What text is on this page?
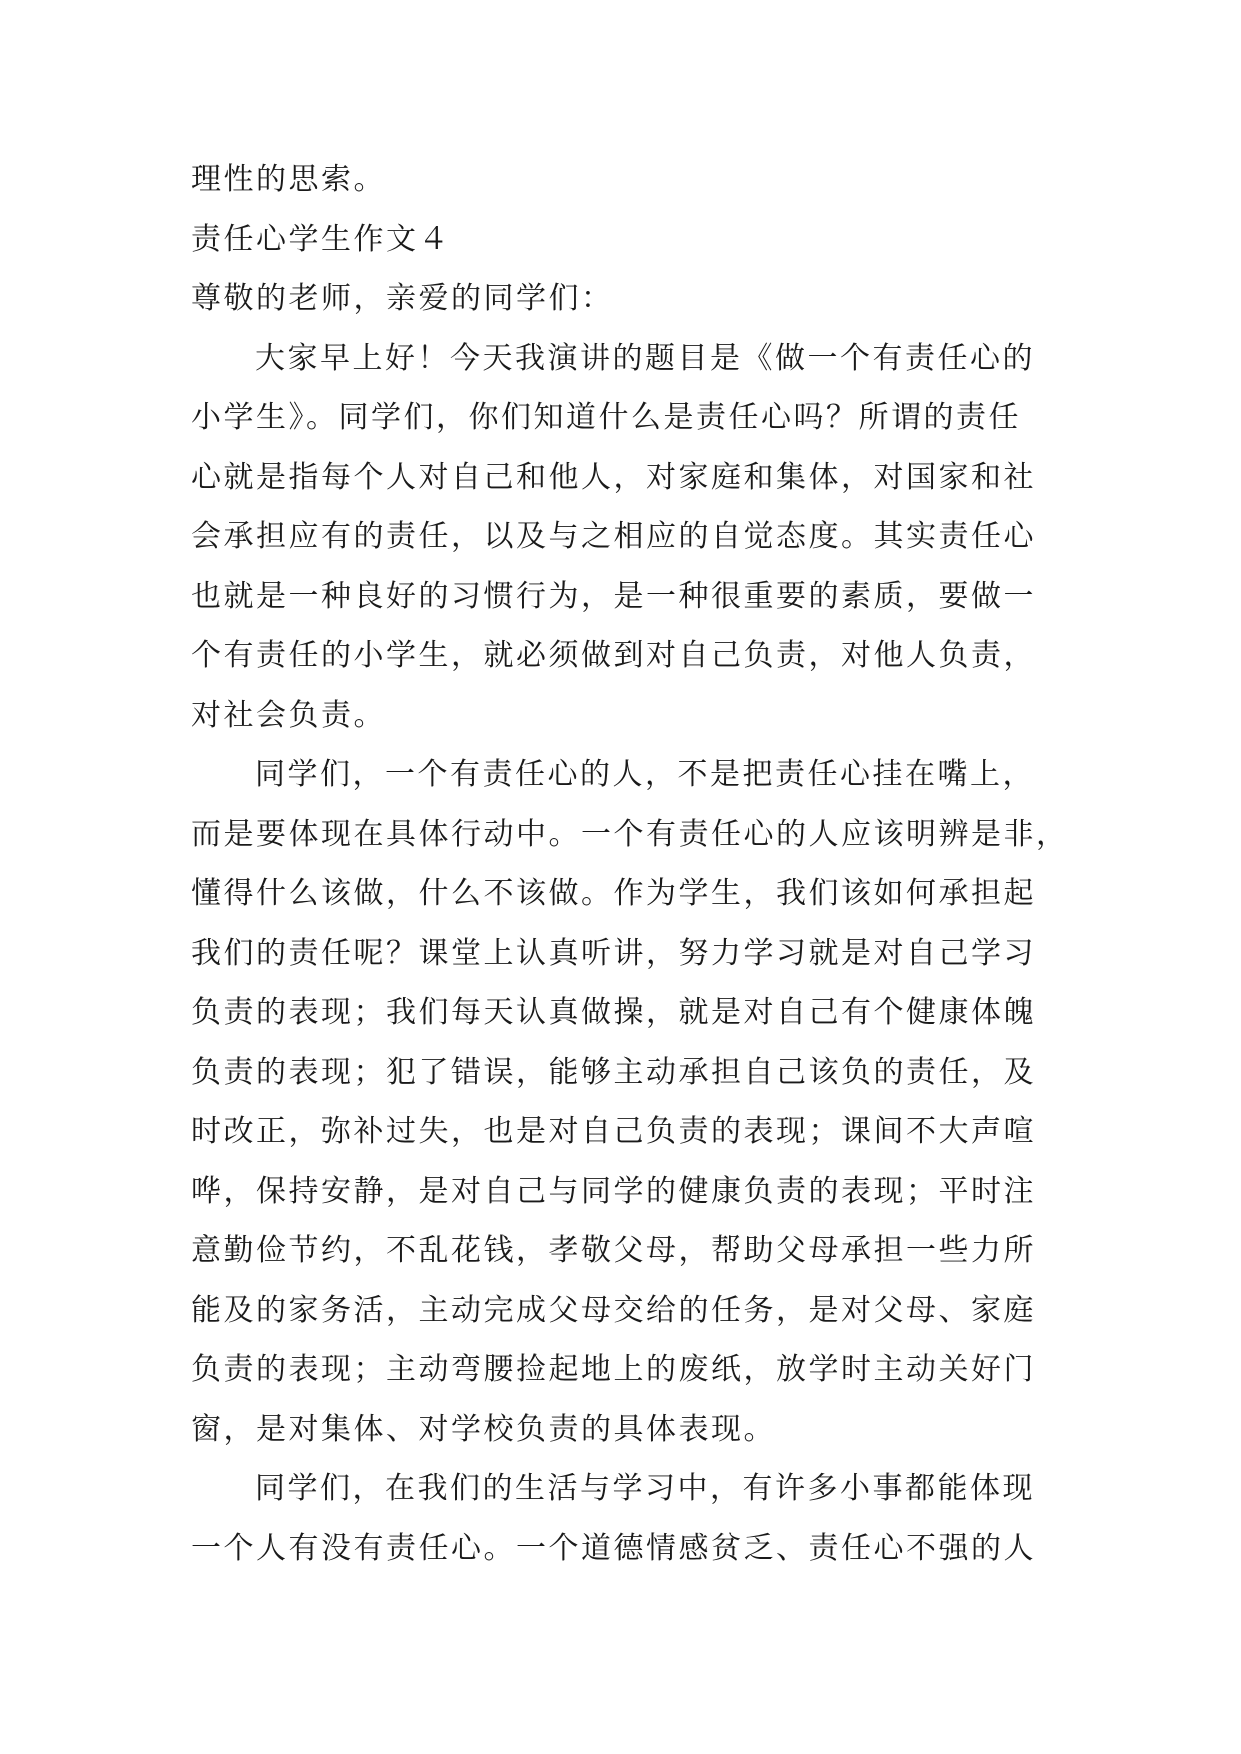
理性的思索。
责任心学生作文４
尊敬的老师，亲爱的同学们：
大家早上好！今天我演讲的题目是《做一个有责任心的
小学生》。同学们，你们知道什么是责任心吗？所谓的责任
心就是指每个人对自己和他人，对家庭和集体，对国家和社
会承担应有的责任，以及与之相应的自觉态度。其实责任心
也就是一种良好的习惯行为，是一种很重要的素质，要做一
个有责任的小学生，就必须做到对自己负责，对他人负责，
对社会负责。
同学们，一个有责任心的人，不是把责任心挂在嘴上，
而是要体现在具体行动中。一个有责任心的人应该明辨是非，
懂得什么该做，什么不该做。作为学生，我们该如何承担起
我们的责任呢？课堂上认真听讲，努力学习就是对自己学习
负责的表现；我们每天认真做操，就是对自己有个健康体魄
负责的表现；犯了错误，能够主动承担自己该负的责任，及
时改正，弥补过失，也是对自己负责的表现；课间不大声喧
哗，保持安静，是对自己与同学的健康负责的表现；平时注
意勤俭节约，不乱花钱，孝敬父母，帮助父母承担一些力所
能及的家务活，主动完成父母交给的任务，是对父母、家庭
负责的表现；主动弯腰捡起地上的废纸，放学时主动关好门
窗，是对集体、对学校负责的具体表现。
同学们，在我们的生活与学习中，有许多小事都能体现
一个人有没有责任心。一个道德情感贫乏、责任心不强的人
